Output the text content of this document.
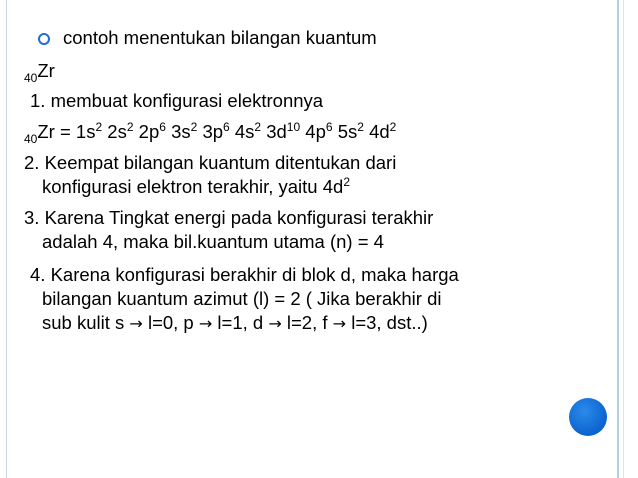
contoh menentukan bilangan kuantum
$_{40}$Zr
1. membuat konfigurasi elektronnya
$_{40}Zr = 1s^2$ $2s^2$ $2p^6$ $3s^2$ $3p^6$ $4s^2$ $3d^{10}$ $4p^6$ $5s^2$ $4d^2$
2. Keempat bilangan kuantum ditentukan dari
konfigurasi elektron terakhir, yaitu $4d^2$
3. Karena Tingkat energi pada konfigurasi terakhir
adalah 4, maka bil.kuantum utama (n) = 4
4. Karena konfigurasi berakhir di blok d, maka harga
bilangan kuantum azimut (l) = 2 ( Jika berakhir di
sub kulit s → l=0, p → l=1, d → l=2, f → l=3, dst..)
